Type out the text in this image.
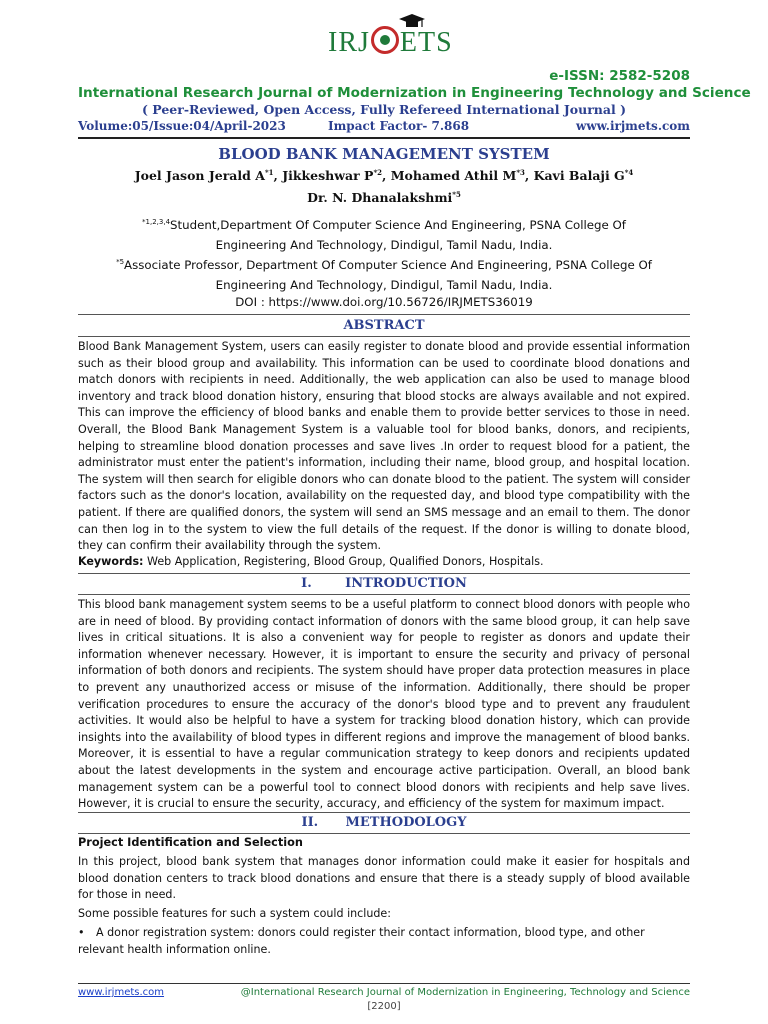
IRJ ETS
e-ISSN: 2582-5208
International Research Journal of Modernization in Engineering Technology and Science
( Peer-Reviewed, Open Access, Fully Refereed International Journal )
Volume:05/Issue:04/April-2023	Impact Factor- 7.868	www.irjmets.com
BLOOD BANK MANAGEMENT SYSTEM
Joel Jason Jerald $A^{*1}$, Jikkeshwar $P^{*2}$, Mohamed Athil $M^{*3}$, Kavi Balaji $G^{*4}$
Dr. N. Dhanalakshmi$^{*5}$
$^{*1,2,3,4}$Student,Department Of Computer Science And Engineering, PSNA College Of
Engineering And Technology, Dindigul, Tamil Nadu, India.
$^{*5}$Associate Professor, Department Of Computer Science And Engineering, PSNA College Of
Engineering And Technology, Dindigul, Tamil Nadu, India.
DOI : https://www.doi.org/10.56726/IRJMETS36019
ABSTRACT
Blood Bank Management System, users can easily register to donate blood and provide essential information such as their blood group and availability. This information can be used to coordinate blood donations and match donors with recipients in need. Additionally, the web application can also be used to manage blood inventory and track blood donation history, ensuring that blood stocks are always available and not expired. This can improve the efficiency of blood banks and enable them to provide better services to those in need. Overall, the Blood Bank Management System is a valuable tool for blood banks, donors, and recipients, helping to streamline blood donation processes and save lives .In order to request blood for a patient, the administrator must enter the patient's information, including their name, blood group, and hospital location. The system will then search for eligible donors who can donate blood to the patient. The system will consider factors such as the donor's location, availability on the requested day, and blood type compatibility with the patient. If there are qualified donors, the system will send an SMS message and an email to them. The donor can then log in to the system to view the full details of the request. If the donor is willing to donate blood, they can confirm their availability through the system.
Keywords: Web Application, Registering, Blood Group, Qualified Donors, Hospitals.
I.	INTRODUCTION
This blood bank management system seems to be a useful platform to connect blood donors with people who are in need of blood. By providing contact information of donors with the same blood group, it can help save lives in critical situations. It is also a convenient way for people to register as donors and update their information whenever necessary. However, it is important to ensure the security and privacy of personal information of both donors and recipients. The system should have proper data protection measures in place to prevent any unauthorized access or misuse of the information. Additionally, there should be proper verification procedures to ensure the accuracy of the donor's blood type and to prevent any fraudulent activities. It would also be helpful to have a system for tracking blood donation history, which can provide insights into the availability of blood types in different regions and improve the management of blood banks. Moreover, it is essential to have a regular communication strategy to keep donors and recipients updated about the latest developments in the system and encourage active participation. Overall, an blood bank management system can be a powerful tool to connect blood donors with recipients and help save lives. However, it is crucial to ensure the security, accuracy, and efficiency of the system for maximum impact.
II. METHODOLOGY
Project Identification and Selection
In this project, blood bank system that manages donor information could make it easier for hospitals and blood donation centers to track blood donations and ensure that there is a steady supply of blood available for those in need.
Some possible features for such a system could include:
• A donor registration system: donors could register their contact information, blood type, and other relevant health information online.
www.irjmets.com	@International Research Journal of Modernization in Engineering, Technology and Science
[2200]
